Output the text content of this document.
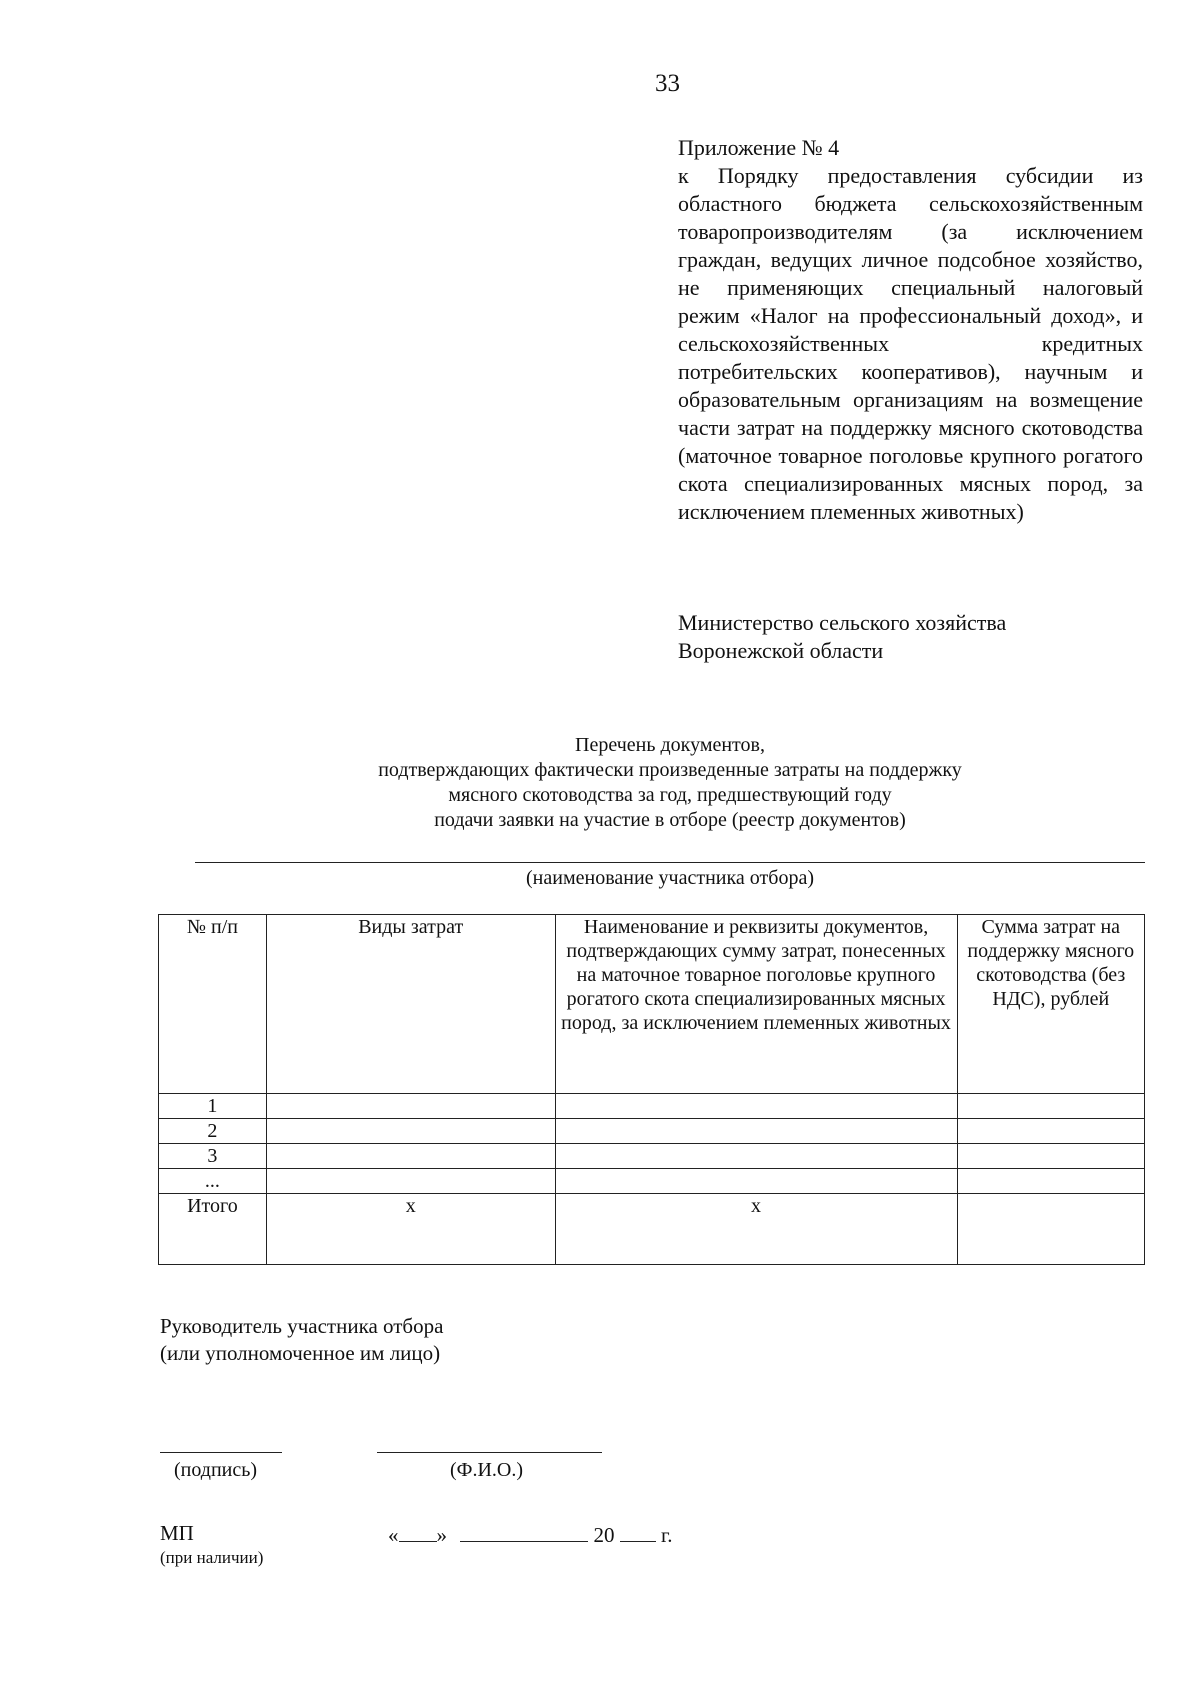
33
Приложение № 4
к Порядку предоставления субсидии из областного бюджета сельскохозяйственным товаропроизводителям (за исключением граждан, ведущих личное подсобное хозяйство, не применяющих специальный налоговый режим «Налог на профессиональный доход», и сельскохозяйственных кредитных потребительских кооперативов), научным и образовательным организациям на возмещение части затрат на поддержку мясного скотоводства (маточное товарное поголовье крупного рогатого скота специализированных мясных пород, за исключением племенных животных)
Министерство сельского хозяйства
Воронежской области
Перечень документов,
подтверждающих фактически произведенные затраты на поддержку
мясного скотоводства за год, предшествующий году
подачи заявки на участие в отборе (реестр документов)
(наименование участника отбора)
№ п/п	Виды затрат	Наименование и реквизиты документов, подтверждающих сумму затрат, понесенных на маточное товарное поголовье крупного рогатого скота специализированных мясных пород, за исключением племенных животных	Сумма затрат на поддержку мясного скотоводства (без НДС), рублей
1			
2			
3			
...			
Итого	х	х	
Руководитель участника отбора
(или уполномоченное им лицо)
(подпись)	(Ф.И.О.)
МП
(при наличии)
« »	20 г.
